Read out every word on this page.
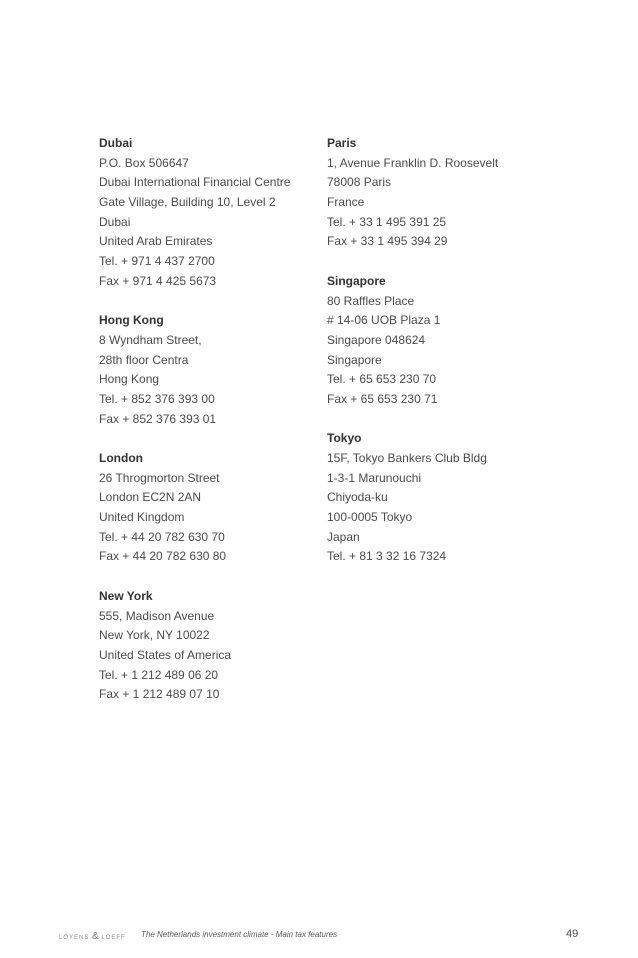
Dubai
P.O. Box 506647
Dubai International Financial Centre
Gate Village, Building 10, Level 2
Dubai
United Arab Emirates
Tel. + 971 4 437 2700
Fax + 971 4 425 5673
Hong Kong
8 Wyndham Street,
28th floor Centra
Hong Kong
Tel. + 852 376 393 00
Fax + 852 376 393 01
London
26 Throgmorton Street
London EC2N 2AN
United Kingdom
Tel. + 44 20 782 630 70
Fax + 44 20 782 630 80
New York
555, Madison Avenue
New York, NY 10022
United States of America
Tel. + 1 212 489 06 20
Fax + 1 212 489 07 10
Paris
1, Avenue Franklin D. Roosevelt
78008 Paris
France
Tel. + 33 1 495 391 25
Fax + 33 1 495 394 29
Singapore
80 Raffles Place
# 14-06 UOB Plaza 1
Singapore 048624
Singapore
Tel. + 65 653 230 70
Fax + 65 653 230 71
Tokyo
15F, Tokyo Bankers Club Bldg
1-3-1 Marunouchi
Chiyoda-ku
100-0005 Tokyo
Japan
Tel. + 81 3 32 16 7324
LOYENS & LOEFF The Netherlands investment climate - Main tax features	49
